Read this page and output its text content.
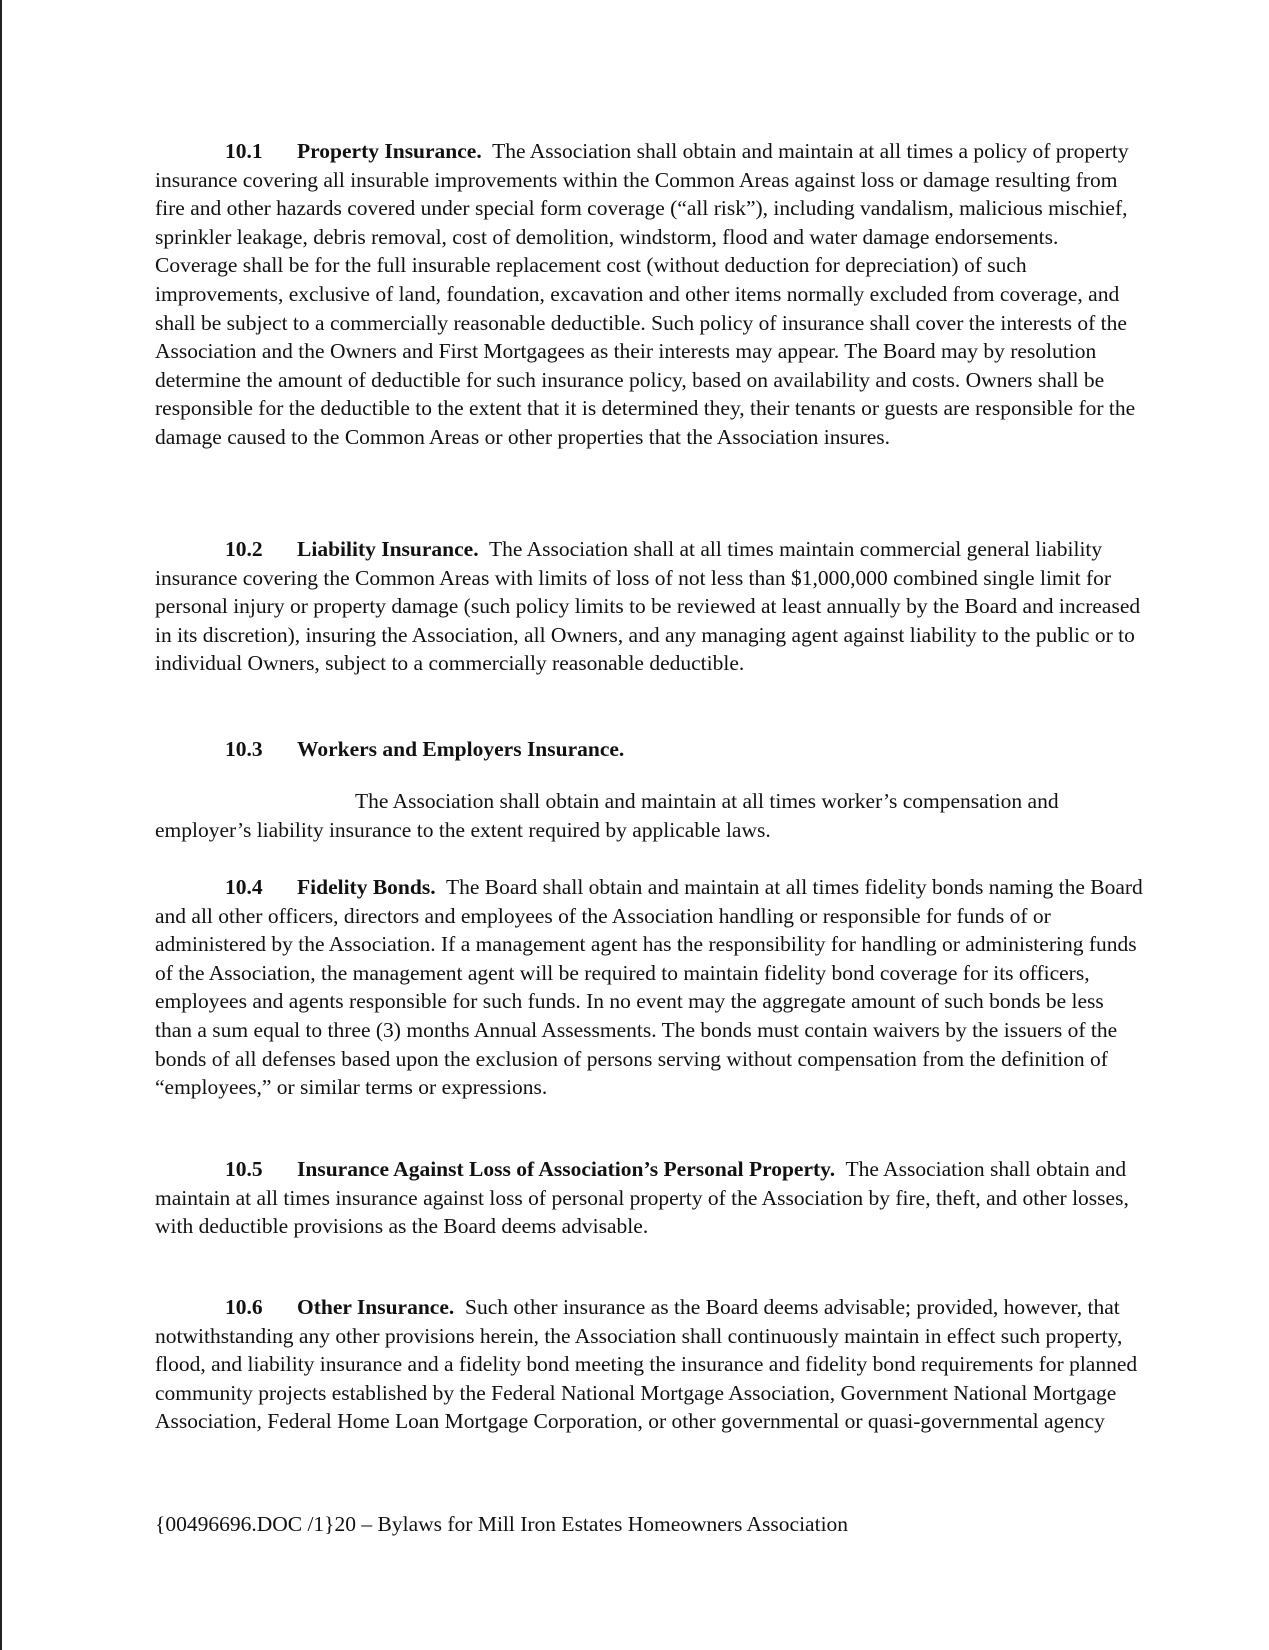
10.1 Property Insurance. The Association shall obtain and maintain at all times a policy of property insurance covering all insurable improvements within the Common Areas against loss or damage resulting from fire and other hazards covered under special form coverage (“all risk”), including vandalism, malicious mischief, sprinkler leakage, debris removal, cost of demolition, windstorm, flood and water damage endorsements. Coverage shall be for the full insurable replacement cost (without deduction for depreciation) of such improvements, exclusive of land, foundation, excavation and other items normally excluded from coverage, and shall be subject to a commercially reasonable deductible. Such policy of insurance shall cover the interests of the Association and the Owners and First Mortgagees as their interests may appear. The Board may by resolution determine the amount of deductible for such insurance policy, based on availability and costs. Owners shall be responsible for the deductible to the extent that it is determined they, their tenants or guests are responsible for the damage caused to the Common Areas or other properties that the Association insures.

10.2 Liability Insurance. The Association shall at all times maintain commercial general liability insurance covering the Common Areas with limits of loss of not less than $1,000,000 combined single limit for personal injury or property damage (such policy limits to be reviewed at least annually by the Board and increased in its discretion), insuring the Association, all Owners, and any managing agent against liability to the public or to individual Owners, subject to a commercially reasonable deductible.

10.3 Workers and Employers Insurance.

The Association shall obtain and maintain at all times worker’s compensation and employer’s liability insurance to the extent required by applicable laws.

10.4 Fidelity Bonds. The Board shall obtain and maintain at all times fidelity bonds naming the Board and all other officers, directors and employees of the Association handling or responsible for funds of or administered by the Association. If a management agent has the responsibility for handling or administering funds of the Association, the management agent will be required to maintain fidelity bond coverage for its officers, employees and agents responsible for such funds. In no event may the aggregate amount of such bonds be less than a sum equal to three (3) months Annual Assessments. The bonds must contain waivers by the issuers of the bonds of all defenses based upon the exclusion of persons serving without compensation from the definition of “employees,” or similar terms or expressions.

10.5 Insurance Against Loss of Association’s Personal Property. The Association shall obtain and maintain at all times insurance against loss of personal property of the Association by fire, theft, and other losses, with deductible provisions as the Board deems advisable.

10.6 Other Insurance. Such other insurance as the Board deems advisable; provided, however, that notwithstanding any other provisions herein, the Association shall continuously maintain in effect such property, flood, and liability insurance and a fidelity bond meeting the insurance and fidelity bond requirements for planned community projects established by the Federal National Mortgage Association, Government National Mortgage Association, Federal Home Loan Mortgage Corporation, or other governmental or quasi-governmental agency

{00496696.DOC /1}20 – Bylaws for Mill Iron Estates Homeowners Association
